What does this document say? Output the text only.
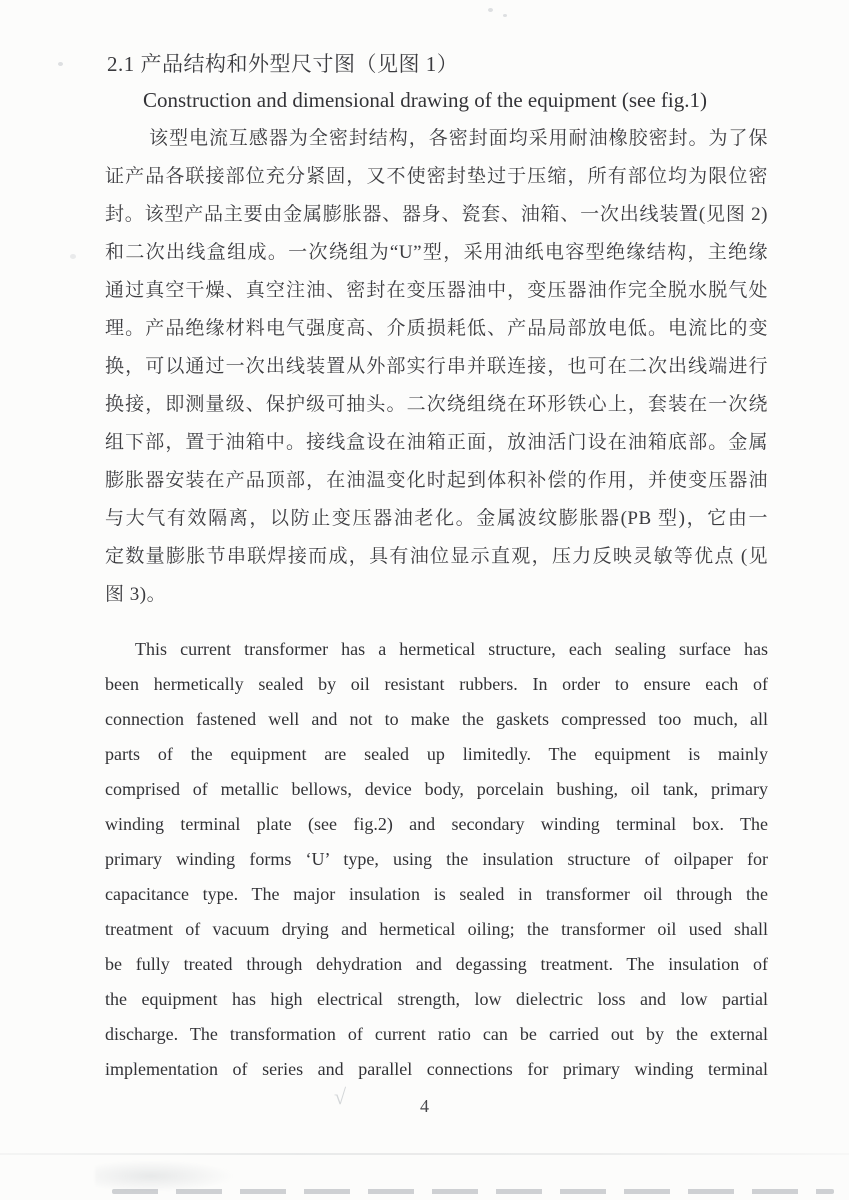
2.1 产品结构和外型尺寸图（见图 1）
Construction and dimensional drawing of the equipment (see fig.1)
该型电流互感器为全密封结构，各密封面均采用耐油橡胶密封。为了保
证产品各联接部位充分紧固，又不使密封垫过于压缩，所有部位均为限位密
封。该型产品主要由金属膨胀器、器身、瓷套、油箱、一次出线装置(见图 2)
和二次出线盒组成。一次绕组为“U”型，采用油纸电容型绝缘结构，主绝缘
通过真空干燥、真空注油、密封在变压器油中，变压器油作完全脱水脱气处
理。产品绝缘材料电气强度高、介质损耗低、产品局部放电低。电流比的变
换，可以通过一次出线装置从外部实行串并联连接，也可在二次出线端进行
换接，即测量级、保护级可抽头。二次绕组绕在环形铁心上，套装在一次绕
组下部，置于油箱中。接线盒设在油箱正面，放油活门设在油箱底部。金属
膨胀器安装在产品顶部，在油温变化时起到体积补偿的作用，并使变压器油
与大气有效隔离，以防止变压器油老化。金属波纹膨胀器(PB 型)，它由一
定数量膨胀节串联焊接而成，具有油位显示直观，压力反映灵敏等优点 (见
图 3)。
This current transformer has a hermetical structure, each sealing surface has
been hermetically sealed by oil resistant rubbers. In order to ensure each of
connection fastened well and not to make the gaskets compressed too much, all
parts of the equipment are sealed up limitedly. The equipment is mainly
comprised of metallic bellows, device body, porcelain bushing, oil tank, primary
winding terminal plate (see fig.2) and secondary winding terminal box. The
primary winding forms ‘U’ type, using the insulation structure of oilpaper for
capacitance type. The major insulation is sealed in transformer oil through the
treatment of vacuum drying and hermetical oiling; the transformer oil used shall
be fully treated through dehydration and degassing treatment. The insulation of
the equipment has high electrical strength, low dielectric loss and low partial
discharge. The transformation of current ratio can be carried out by the external
implementation of series and parallel connections for primary winding terminal
4
√
